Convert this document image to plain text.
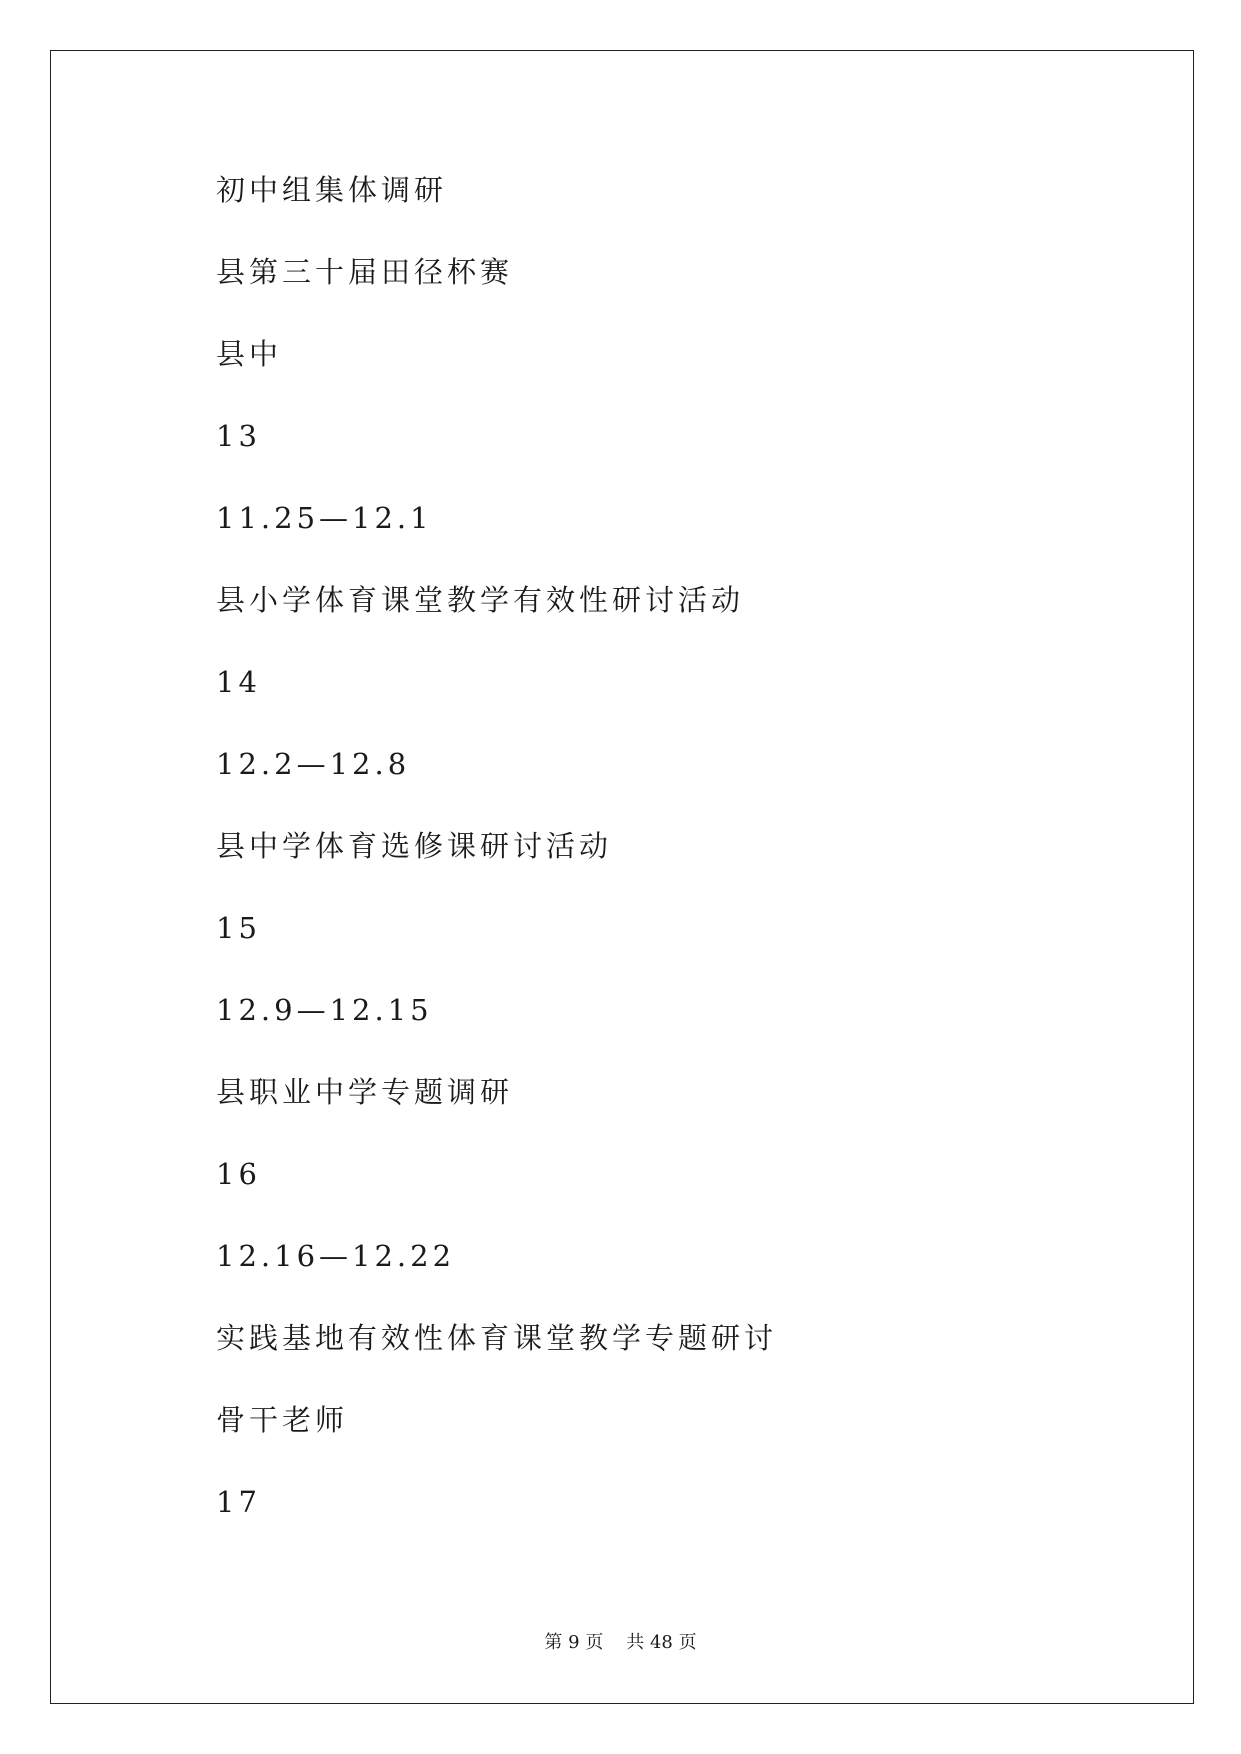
初中组集体调研
县第三十届田径杯赛
县中
13
11.25—12.1
县小学体育课堂教学有效性研讨活动
14
12.2—12.8
县中学体育选修课研讨活动
15
12.9—12.15
县职业中学专题调研
16
12.16—12.22
实践基地有效性体育课堂教学专题研讨
骨干老师
17
第 9 页 共 48 页
